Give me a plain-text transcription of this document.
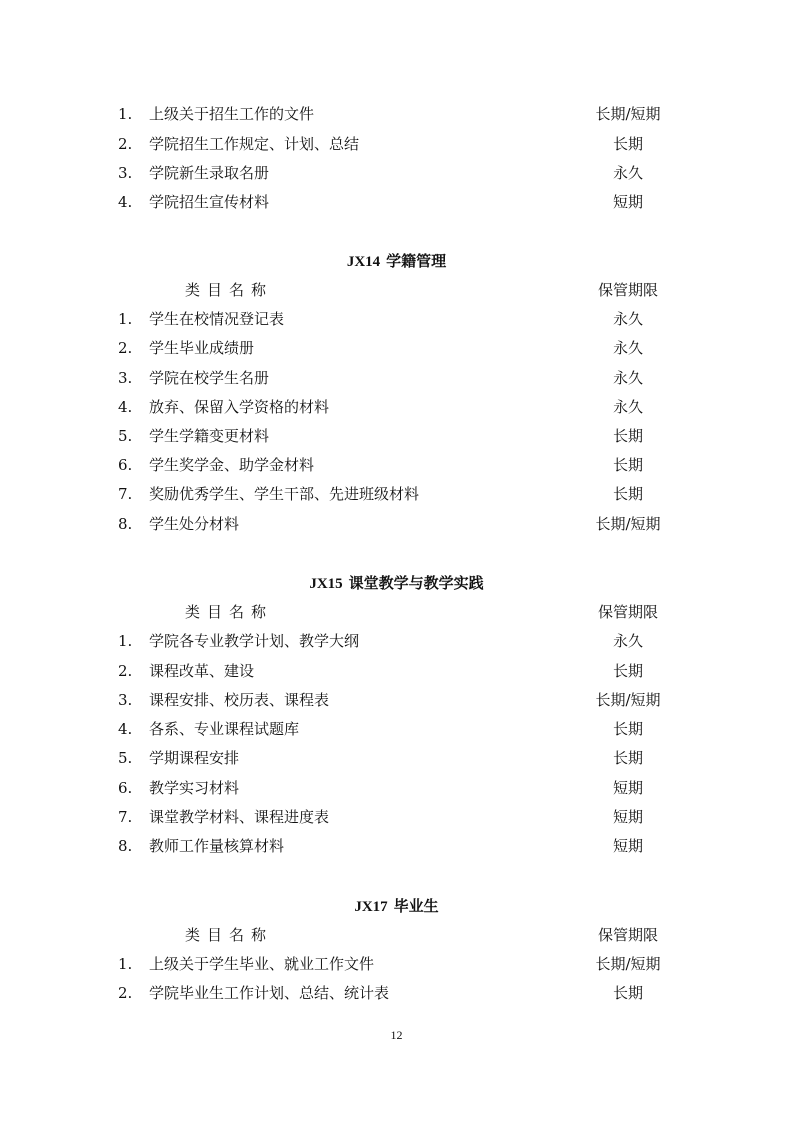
1. 上级关于招生工作的文件	长期/短期
2. 学院招生工作规定、计划、总结	长期
3. 学院新生录取名册	永久
4. 学院招生宣传材料	短期
JX14 学籍管理
类目名称	保管期限
1. 学生在校情况登记表	永久
2. 学生毕业成绩册	永久
3. 学院在校学生名册	永久
4. 放弃、保留入学资格的材料	永久
5. 学生学籍变更材料	长期
6. 学生奖学金、助学金材料	长期
7. 奖励优秀学生、学生干部、先进班级材料	长期
8. 学生处分材料	长期/短期
JX15 课堂教学与教学实践
类目名称	保管期限
1. 学院各专业教学计划、教学大纲	永久
2. 课程改革、建设	长期
3. 课程安排、校历表、课程表	长期/短期
4. 各系、专业课程试题库	长期
5. 学期课程安排	长期
6. 教学实习材料	短期
7. 课堂教学材料、课程进度表	短期
8. 教师工作量核算材料	短期
JX17 毕业生
类目名称	保管期限
1. 上级关于学生毕业、就业工作文件	长期/短期
2. 学院毕业生工作计划、总结、统计表	长期
12
